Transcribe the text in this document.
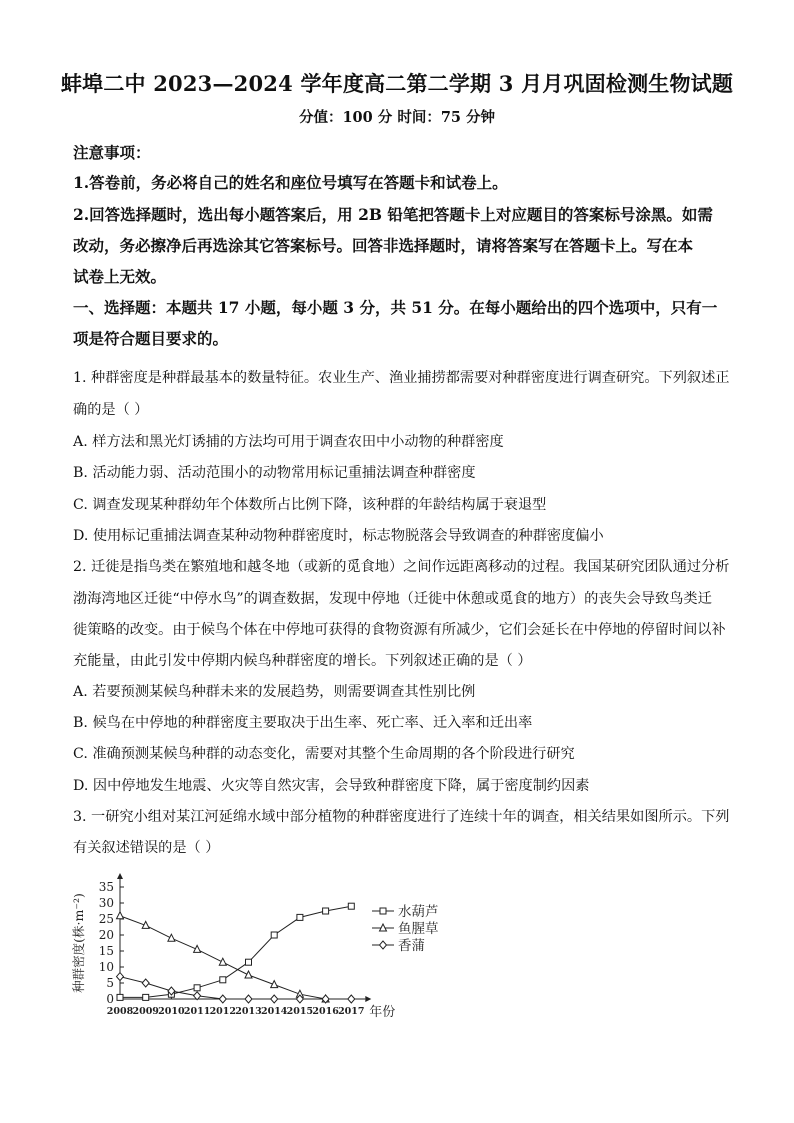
蚌埠二中 2023—2024 学年度高二第二学期 3 月月巩固检测生物试题
分值：100 分 时间：75 分钟
注意事项：
1.答卷前，务必将自己的姓名和座位号填写在答题卡和试卷上。
2.回答选择题时，选出每小题答案后，用 2B 铅笔把答题卡上对应题目的答案标号涂黑。如需
改动，务必擦净后再选涂其它答案标号。回答非选择题时，请将答案写在答题卡上。写在本
试卷上无效。
一、选择题：本题共 17 小题，每小题 3 分，共 51 分。在每小题给出的四个选项中，只有一
项是符合题目要求的。
1. 种群密度是种群最基本的数量特征。农业生产、渔业捕捞都需要对种群密度进行调查研究。下列叙述正
确的是（ ）
A. 样方法和黑光灯诱捕的方法均可用于调查农田中小动物的种群密度
B. 活动能力弱、活动范围小的动物常用标记重捕法调查种群密度
C. 调查发现某种群幼年个体数所占比例下降，该种群的年龄结构属于衰退型
D. 使用标记重捕法调查某种动物种群密度时，标志物脱落会导致调查的种群密度偏小
2. 迁徙是指鸟类在繁殖地和越冬地（或新的觅食地）之间作远距离移动的过程。我国某研究团队通过分析
渤海湾地区迁徙“中停水鸟”的调查数据，发现中停地（迁徙中休憩或觅食的地方）的丧失会导致鸟类迁
徙策略的改变。由于候鸟个体在中停地可获得的食物资源有所减少，它们会延长在中停地的停留时间以补
充能量，由此引发中停期内候鸟种群密度的增长。下列叙述正确的是（ ）
A. 若要预测某候鸟种群未来的发展趋势，则需要调查其性别比例
B. 候鸟在中停地的种群密度主要取决于出生率、死亡率、迁入率和迁出率
C. 准确预测某候鸟种群的动态变化，需要对其整个生命周期的各个阶段进行研究
D. 因中停地发生地震、火灾等自然灾害，会导致种群密度下降，属于密度制约因素
3. 一研究小组对某江河延绵水域中部分植物的种群密度进行了连续十年的调查，相关结果如图所示。下列
有关叙述错误的是（ ）
0
5
10
15
20
25
30
35
2008 2009 2010 2011 2012 2013 2014 2015 2016 2017 年份
种群密度(株·m⁻²)	水葫芦
鱼腥草
香蒲
